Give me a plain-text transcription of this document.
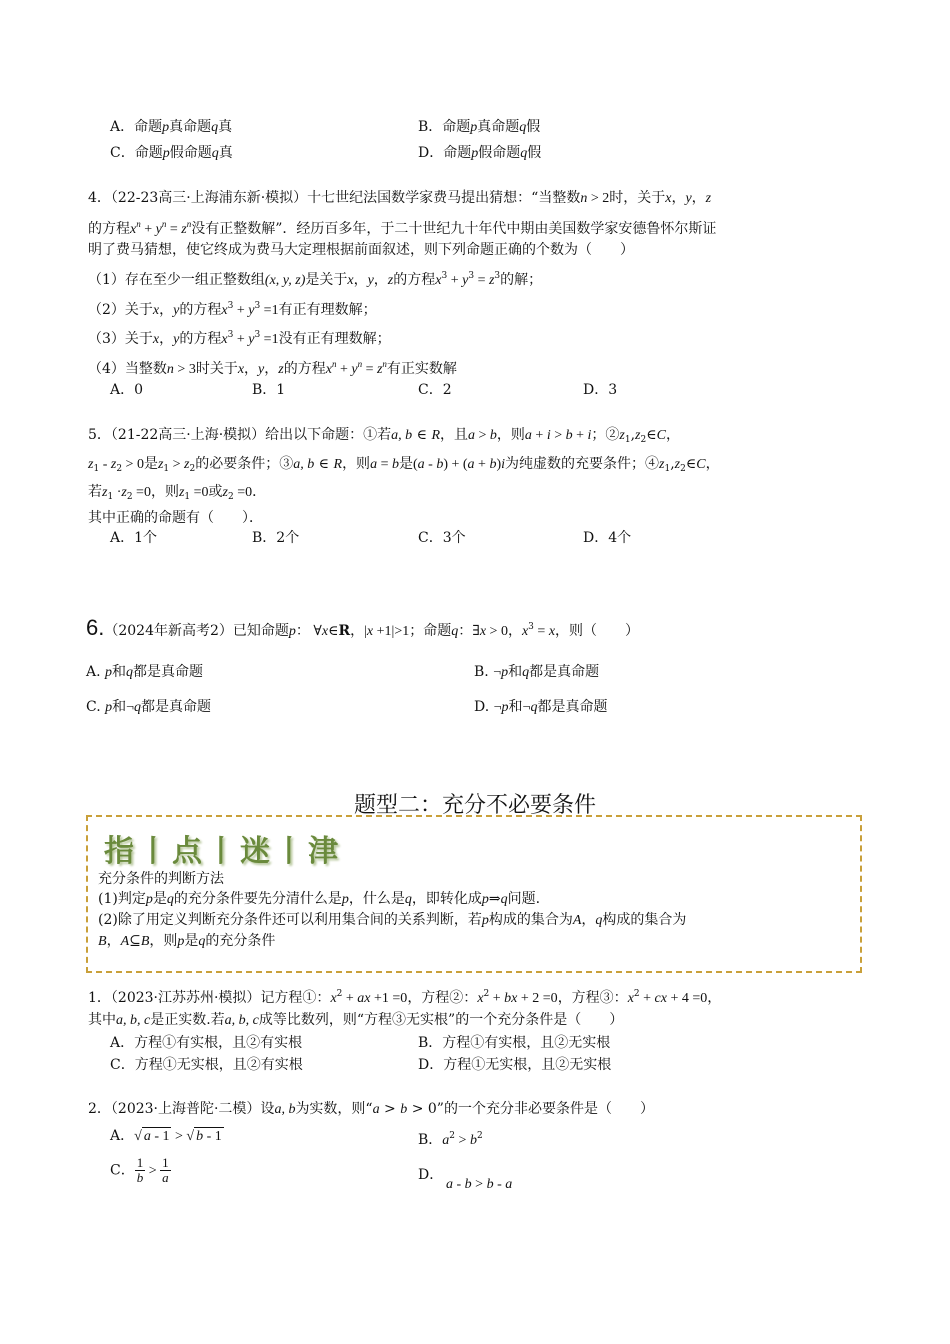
A．命题p真命题q真	B．命题p真命题q假
C．命题p假命题q真	D．命题p假命题q假
4．（22-23高三·上海浦东新·模拟）十七世纪法国数学家费马提出猜想：“当整数n > 2时，关于x，y，z
的方程$x^n + y^n = z^n$没有正整数解”．经历百多年，于二十世纪九十年代中期由美国数学家安德鲁怀尔斯证
明了费马猜想，使它终成为费马大定理根据前面叙述，则下列命题正确的个数为（　　）
（1）存在至少一组正整数组(x, y, z)是关于x，y，z的方程$x^3 + y^3 = z^3$的解；
（2）关于x，y的方程$x^3 + y^3 =1$有正有理数解；
（3）关于x，y的方程$x^3 + y^3 =1$没有正有理数解；
（4）当整数n > 3时关于x，y，z的方程$x^n + y^n = z^n$有正实数解
A．0	B．1	C．2	D．3
5．（21-22高三·上海·模拟）给出以下命题：①若a, b ∈ R，且a > b，则a + i > b + i；$②z_1,z_2\in C$，
$z_1 - z_2 > 0$是$z_1 > z_2$的必要条件；③a, b ∈ R，则a = b是(a - b) + (a + b)i为纯虚数的充要条件；$④z_1,z_2\in C$，
若$z_1 \cdot z_2 =0$，则$z_1 =0$或$z_2 =0$．
其中正确的命题有（　　）．
A．1个	B．2个	C．3个	D．4个
6.（2024年新高考2）已知命题p： ∀x∈R，|x +1|>1；命题q：∃x > 0，$x^3 = x$，则（　　）
A. p和q都是真命题	B. ¬p和q都是真命题
C. p和¬q都是真命题	D. ¬p和¬q都是真命题
题型二：充分不必要条件
指丨点丨迷丨津
充分条件的判断方法
(1)判定p是q的充分条件要先分清什么是p，什么是q，即转化成p⇒q问题.
(2)除了用定义判断充分条件还可以利用集合间的关系判断，若p构成的集合为A，q构成的集合为
B，A⊆B，则p是q的充分条件
1．（2023·江苏苏州·模拟）记方程①：$x^2$ + ax +1 =0，方程②：$x^2$ + bx + 2 =0，方程③：$x^2$ + cx + 4 =0，
其中a, b, c是正实数.若a, b, c成等比数列，则“方程③无实根”的一个充分条件是（　　）
A．方程①有实根，且②有实根	B．方程①有实根，且②无实根
C．方程①无实根，且②有实根	D．方程①无实根，且②无实根
2．（2023·上海普陀·二模）设a, b为实数，则“a > b > 0”的一个充分非必要条件是（　　）
A．√ a - 1 > √ b - 1	B．$a^2 > b^2$
C． $\frac{1}{b} > \frac{1}{a}$	D．
a - b > b - a
